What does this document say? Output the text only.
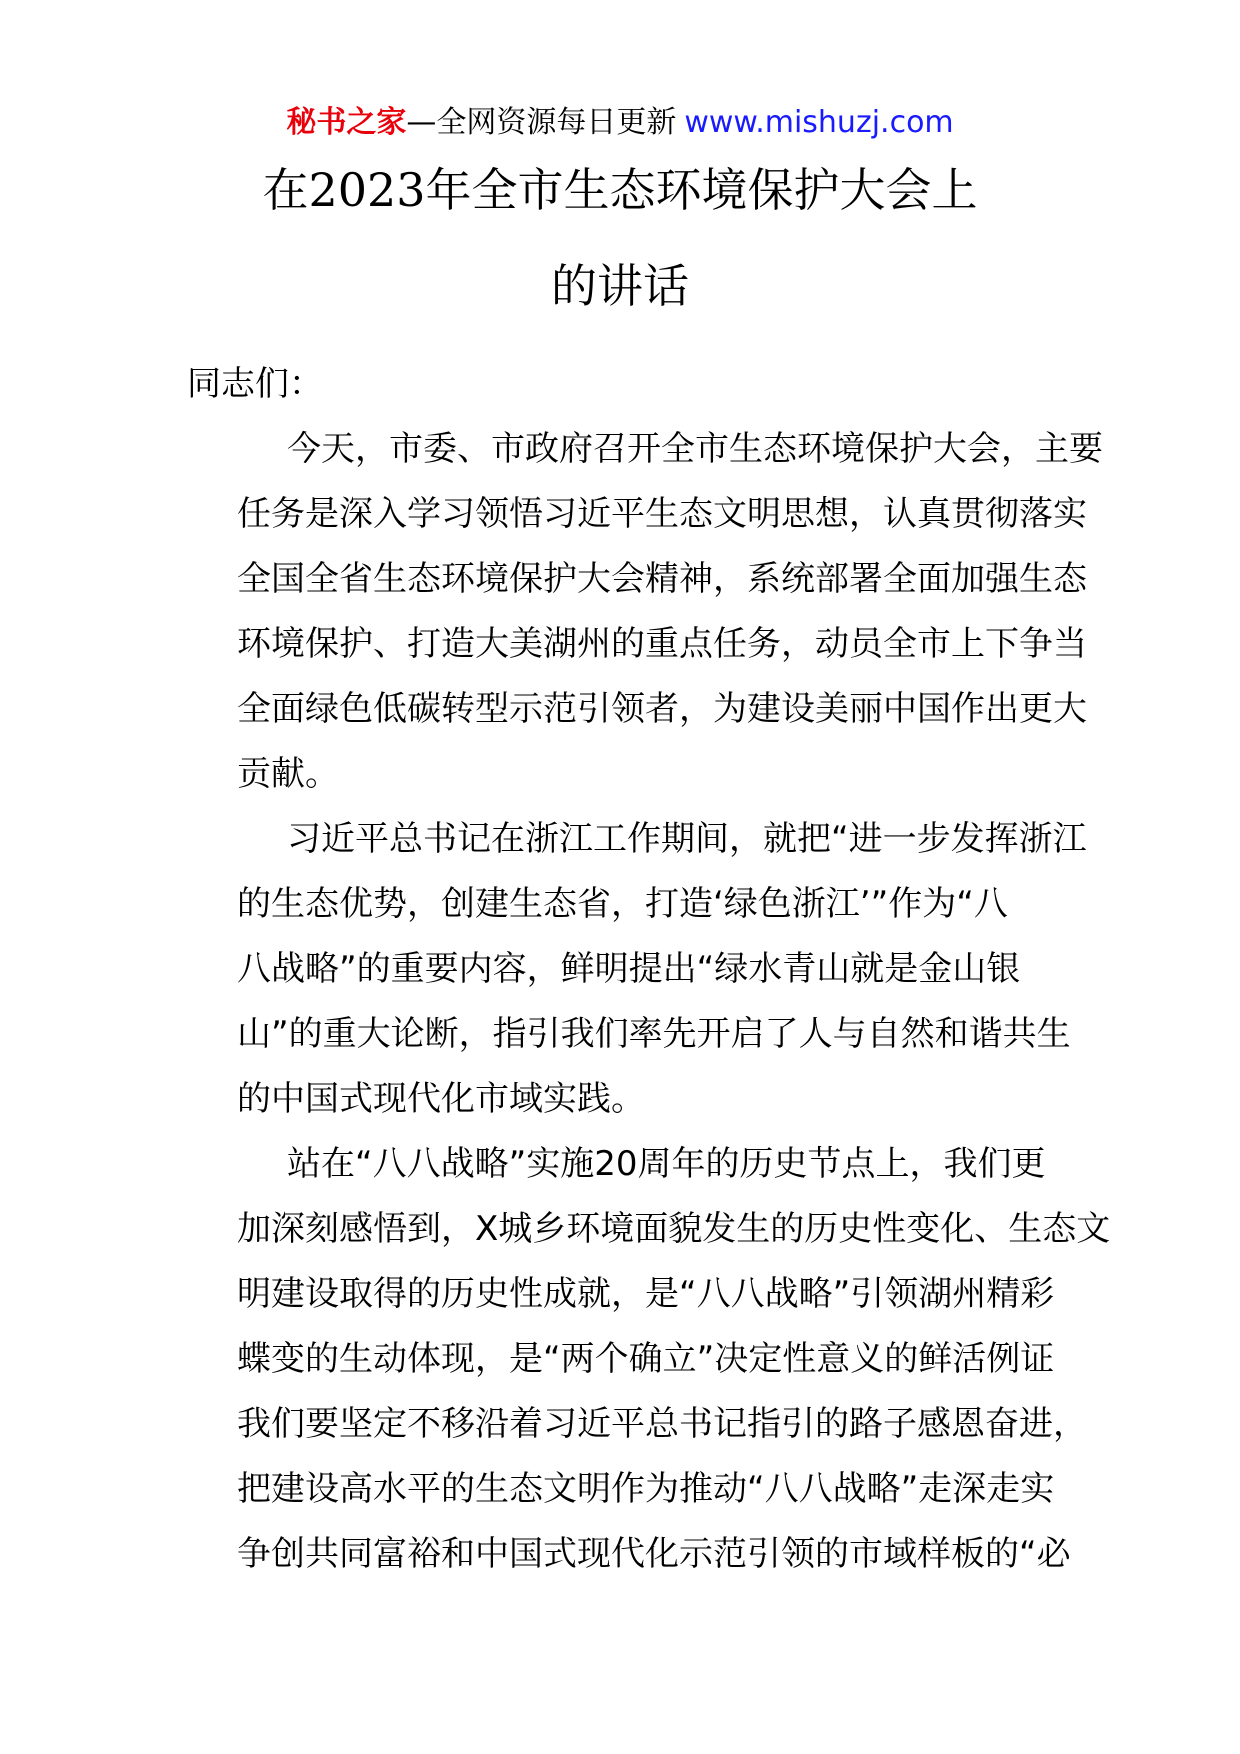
秘书之家—全网资源每日更新 www.mishuzj.com
在2023年全市生态环境保护大会上
的讲话

同志们：

今天，市委、市政府召开全市生态环境保护大会，主要
任务是深入学习领悟习近平生态文明思想，认真贯彻落实
全国全省生态环境保护大会精神，系统部署全面加强生态
环境保护、打造大美湖州的重点任务，动员全市上下争当
全面绿色低碳转型示范引领者，为建设美丽中国作出更大
贡献。

习近平总书记在浙江工作期间，就把“进一步发挥浙江
的生态优势，创建生态省，打造‘绿色浙江’”作为“八
八战略”的重要内容，鲜明提出“绿水青山就是金山银
山”的重大论断，指引我们率先开启了人与自然和谐共生
的中国式现代化市域实践。

站在“八八战略”实施20周年的历史节点上，我们更
加深刻感悟到，X城乡环境面貌发生的历史性变化、生态文
明建设取得的历史性成就，是“八八战略”引领湖州精彩
蝶变的生动体现，是“两个确立”决定性意义的鲜活例证
我们要坚定不移沿着习近平总书记指引的路子感恩奋进，
把建设高水平的生态文明作为推动“八八战略”走深走实
争创共同富裕和中国式现代化示范引领的市域样板的“必
